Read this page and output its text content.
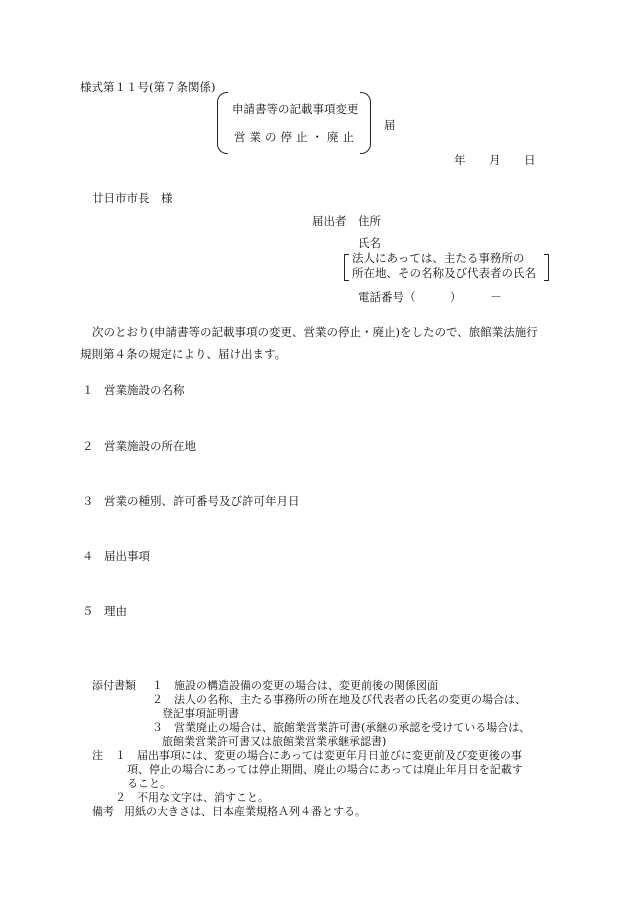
様式第１１号(第７条関係)
申請書等の記載事項変更
営業の停止・廃止
届
年 月 日
廿日市市長　様
届出者 住所
氏名
法人にあっては、主たる事務所の
所在地、その名称及び代表者の氏名
電話番号（　　　）　　　－
次のとおり(申請書等の記載事項の変更、営業の停止・廃止)をしたので、旅館業法施行
規則第４条の規定により、届け出ます。
１ 営業施設の名称
２ 営業施設の所在地
３ 営業の種別、許可番号及び許可年月日
４ 届出事項
５ 理由
添付書類 １　施設の構造設備の変更の場合は、変更前後の関係図面
２　法人の名称、主たる事務所の所在地及び代表者の氏名の変更の場合は、
登記事項証明書
３　営業廃止の場合は、旅館業営業許可書(承継の承認を受けている場合は、
旅館業営業許可書又は旅館業営業承継承認書)
注 １　届出事項には、変更の場合にあっては変更年月日並びに変更前及び変更後の事
項、停止の場合にあっては停止期間、廃止の場合にあっては廃止年月日を記載す
ること。
２　不用な文字は、消すこと。
備考 用紙の大きさは、日本産業規格Ａ列４番とする。
